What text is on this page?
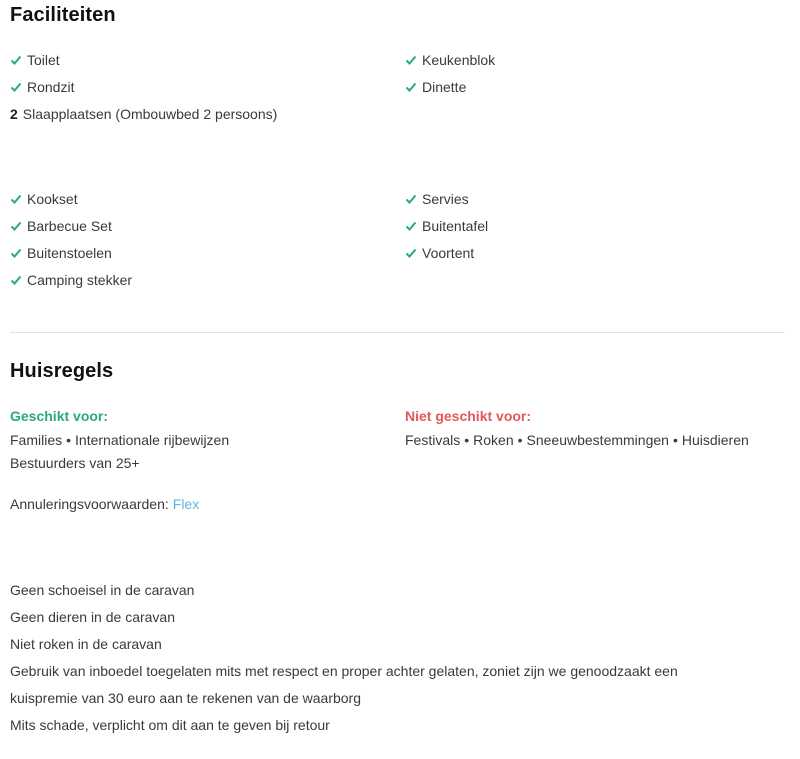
Faciliteiten
Toilet
Rondzit
2 Slaapplaatsen (Ombouwbed 2 persoons)
Keukenblok
Dinette
Kookset
Barbecue Set
Buitenstoelen
Camping stekker
Servies
Buitentafel
Voortent
Huisregels
Geschikt voor:
Families • Internationale rijbewijzen
Bestuurders van 25+
Niet geschikt voor:
Festivals • Roken • Sneeuwbestemmingen • Huisdieren
Annuleringsvoorwaarden: Flex
Geen schoeisel in de caravan
Geen dieren in de caravan
Niet roken in de caravan
Gebruik van inboedel toegelaten mits met respect en proper achter gelaten, zoniet zijn we genoodzaakt een
kuispremie van 30 euro aan te rekenen van de waarborg
Mits schade, verplicht om dit aan te geven bij retour
